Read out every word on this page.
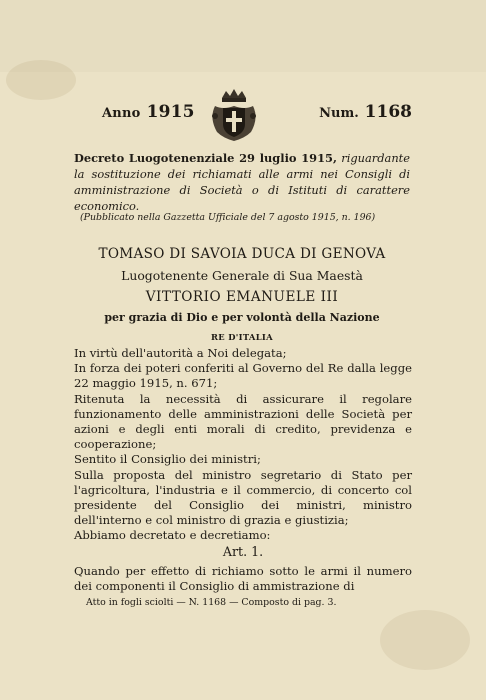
Anno 1915	Num. 1168
Decreto Luogotenenziale 29 luglio 1915, riguardante la sostituzione dei richiamati alle armi nei Consigli di amministrazione di Società o di Istituti di carattere economico.
(Pubblicato nella Gazzetta Ufficiale del 7 agosto 1915, n. 196)
TOMASO DI SAVOIA DUCA DI GENOVA
Luogotenente Generale di Sua Maestà
VITTORIO EMANUELE III
per grazia di Dio e per volontà della Nazione
RE D'ITALIA

In virtù dell'autorità a Noi delegata;

In forza dei poteri conferiti al Governo del Re dalla legge 22 maggio 1915, n. 671;

Ritenuta la necessità di assicurare il regolare funzionamento delle amministrazioni delle Società per azioni e degli enti morali di credito, previdenza e cooperazione;

Sentito il Consiglio dei ministri;

Sulla proposta del ministro segretario di Stato per l'agricoltura, l'industria e il commercio, di concerto col presidente del Consiglio dei ministri, ministro dell'interno e col ministro di grazia e giustizia;

Abbiamo decretato e decretiamo:

Art. 1.
Quando per effetto di richiamo sotto le armi il numero dei componenti il Consiglio di ammistrazione di
Atto in fogli sciolti — N. 1168 — Composto di pag. 3.
